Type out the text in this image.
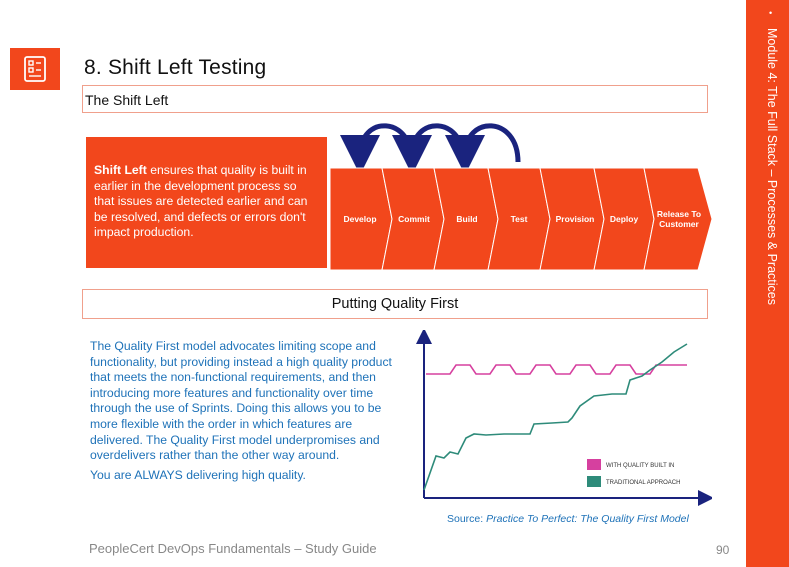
8. Shift Left Testing
The Shift Left
Shift Left ensures that quality is built in earlier in the development process so that issues are detected earlier and can be resolved, and defects or errors don't impact production.
Develop	Commit	Build	Test	Provision Deploy Release To
Customer
Putting Quality First

The Quality First model advocates limiting scope and functionality, but providing instead a high quality product that meets the non-functional requirements, and then introducing more features and functionality over time through the use of Sprints. Doing this allows you to be more flexible with the order in which features are delivered. The Quality First model underpromises and overdelivers rather than the other way around.

You are ALWAYS delivering high quality.

WITH QUALITY BUILT IN
TRADITIONAL APPROACH
Source: Practice To Perfect: The Quality First Model
PeopleCert DevOps Fundamentals – Study Guide	90
•
Module 4: The Full Stack – Processes & Practices
